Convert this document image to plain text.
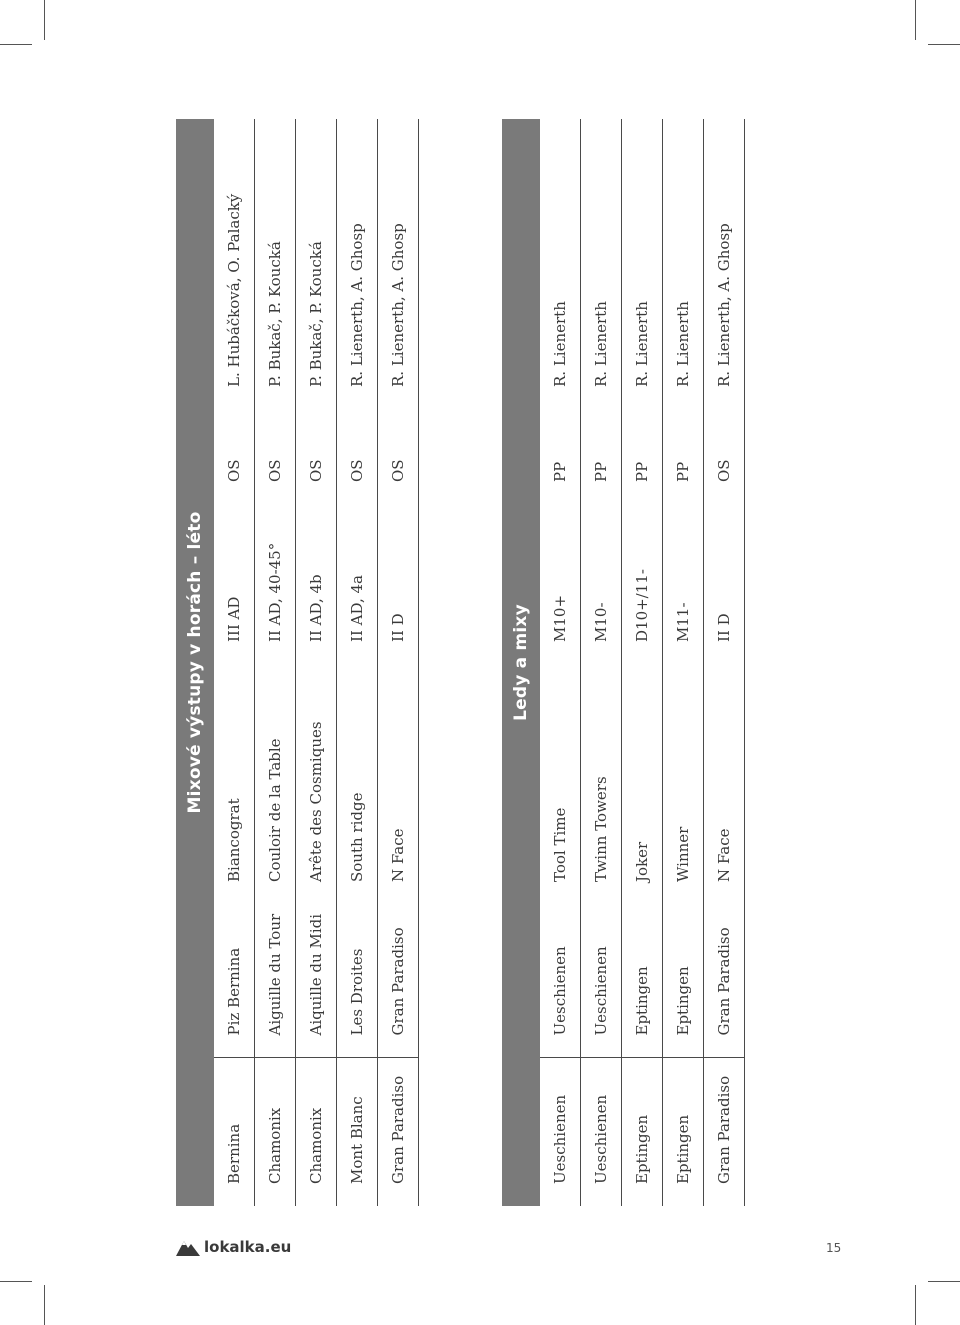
Mixové výstupy v horách – léto					
Bernina	Piz Bernina	Biancograt	III AD	OS	L. Hubáčková, O. Palacký
Chamonix	Aiguille du Tour	Couloir de la Table	II AD, 40-45°	OS	P. Bukač, P. Koucká
Chamonix	Aiquille du Midi	Arête des Cosmiques	II AD, 4b	OS	P. Bukač, P. Koucká
Mont Blanc	Les Droites	South ridge	II AD, 4a	OS	R. Lienerth, A. Ghosp
Gran Paradiso	Gran Paradiso	N Face	II D	OS	R. Lienerth, A. Ghosp
Ledy a mixy					
Ueschienen	Ueschienen	Tool Time	M10+	PP	R. Lienerth
Ueschienen	Ueschienen	Twinn Towers	M10-	PP	R. Lienerth
Eptingen	Eptingen	Joker	D10+/11-	PP	R. Lienerth
Eptingen	Eptingen	Winner	M11-	PP	R. Lienerth
Gran Paradiso	Gran Paradiso	N Face	II D	OS	R. Lienerth, A. Ghosp
lokalka.eu	15
